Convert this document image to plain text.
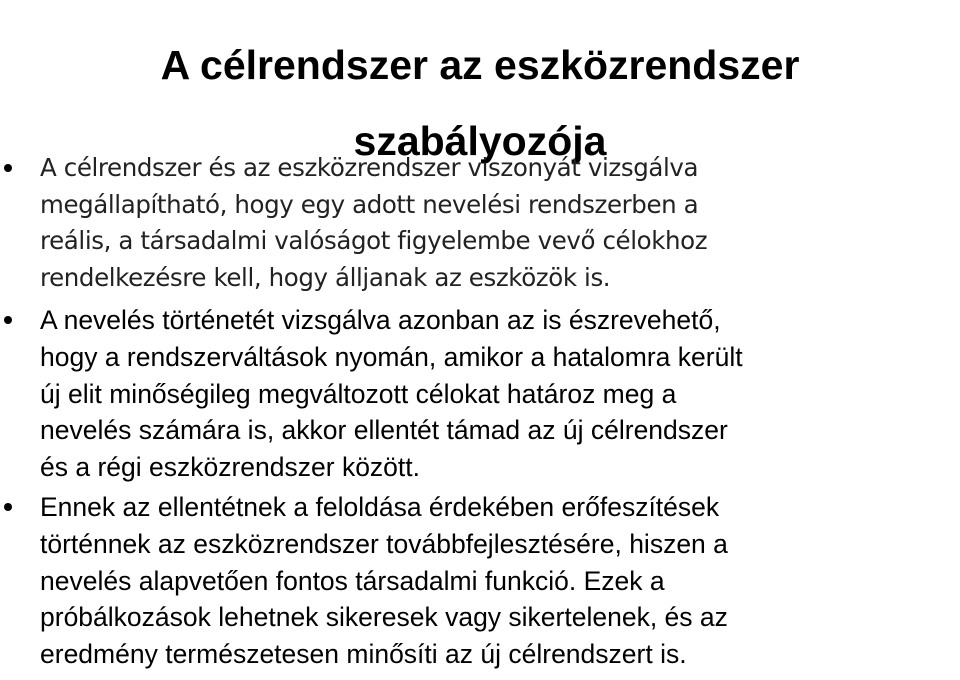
A célrendszer az eszközrendszer
szabályozója
A célrendszer és az eszközrendszer viszonyát vizsgálva
megállapítható, hogy egy adott nevelési rendszerben a
reális, a társadalmi valóságot figyelembe vevő célokhoz
rendelkezésre kell, hogy álljanak az eszközök is.
A nevelés történetét vizsgálva azonban az is észrevehető,
hogy a rendszerváltások nyomán, amikor a hatalomra került
új elit minőségileg megváltozott célokat határoz meg a
nevelés számára is, akkor ellentét támad az új célrendszer
és a régi eszközrendszer között.
Ennek az ellentétnek a feloldása érdekében erőfeszítések
történnek az eszközrendszer továbbfejlesztésére, hiszen a
nevelés alapvetően fontos társadalmi funkció. Ezek a
próbálkozások lehetnek sikeresek vagy sikertelenek, és az
eredmény természetesen minősíti az új célrendszert is.
